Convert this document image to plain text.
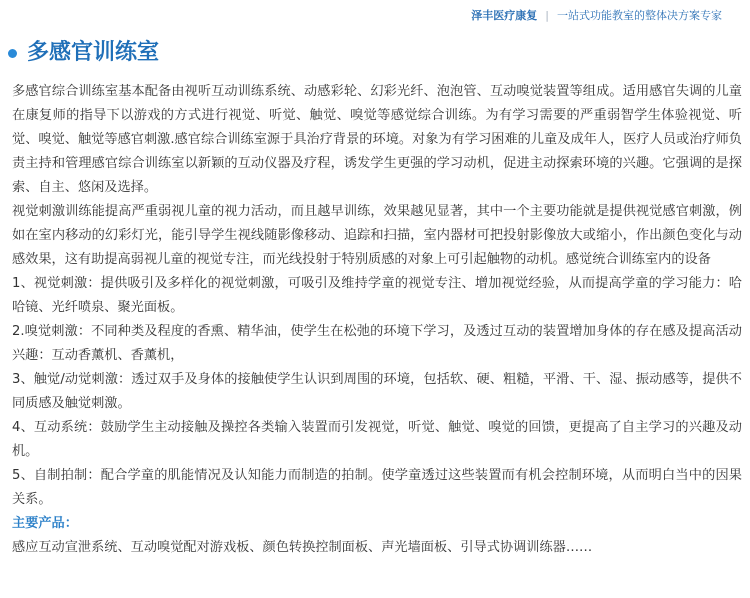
泽丰医疗康复 | 一站式功能教室的整体决方案专家
多感官训练室

多感官综合训练室基本配备由视听互动训练系统、动感彩轮、幻彩光纤、泡泡管、互动嗅觉装置等组成。适用感官失调的儿童在康复师的指导下以游戏的方式进行视觉、听觉、触觉、嗅觉等感觉综合训练。为有学习需要的严重弱智学生体验视觉、听觉、嗅觉、触觉等感官刺激.感官综合训练室源于具治疗背景的环境。对象为有学习困难的儿童及成年人，医疗人员或治疗师负责主持和管理感官综合训练室以新颖的互动仪器及疗程，诱发学生更强的学习动机，促进主动探索环境的兴趣。它强调的是探索、自主、悠闲及选择。

视觉刺激训练能提高严重弱视儿童的视力活动，而且越早训练，效果越见显著，其中一个主要功能就是提供视觉感官刺激，例如在室内移动的幻彩灯光，能引导学生视线随影像移动、追踪和扫描，室内器材可把投射影像放大或缩小，作出颜色变化与动感效果，这有助提高弱视儿童的视觉专注，而光线投射于特别质感的对象上可引起触物的动机。感觉统合训练室内的设备

1、视觉刺激：提供吸引及多样化的视觉刺激，可吸引及维持学童的视觉专注、增加视觉经验，从而提高学童的学习能力：哈哈镜、光纤喷泉、聚光面板。

2.嗅觉刺激：不同种类及程度的香熏、精华油，使学生在松弛的环境下学习，及透过互动的装置增加身体的存在感及提高活动兴趣：互动香薰机、香薰机，

3、触觉/动觉刺激：透过双手及身体的接触使学生认识到周围的环境，包括软、硬、粗糙，平滑、干、湿、振动感等，提供不同质感及触觉刺激。

4、互动系统：鼓励学生主动接触及操控各类输入装置而引发视觉，听觉、触觉、嗅觉的回馈，更提高了自主学习的兴趣及动机。

5、自制拍制：配合学童的肌能情况及认知能力而制造的拍制。使学童透过这些装置而有机会控制环境，从而明白当中的因果关系。

主要产品：

感应互动宣泄系统、互动嗅觉配对游戏板、颜色转换控制面板、声光墙面板、引导式协调训练器……
